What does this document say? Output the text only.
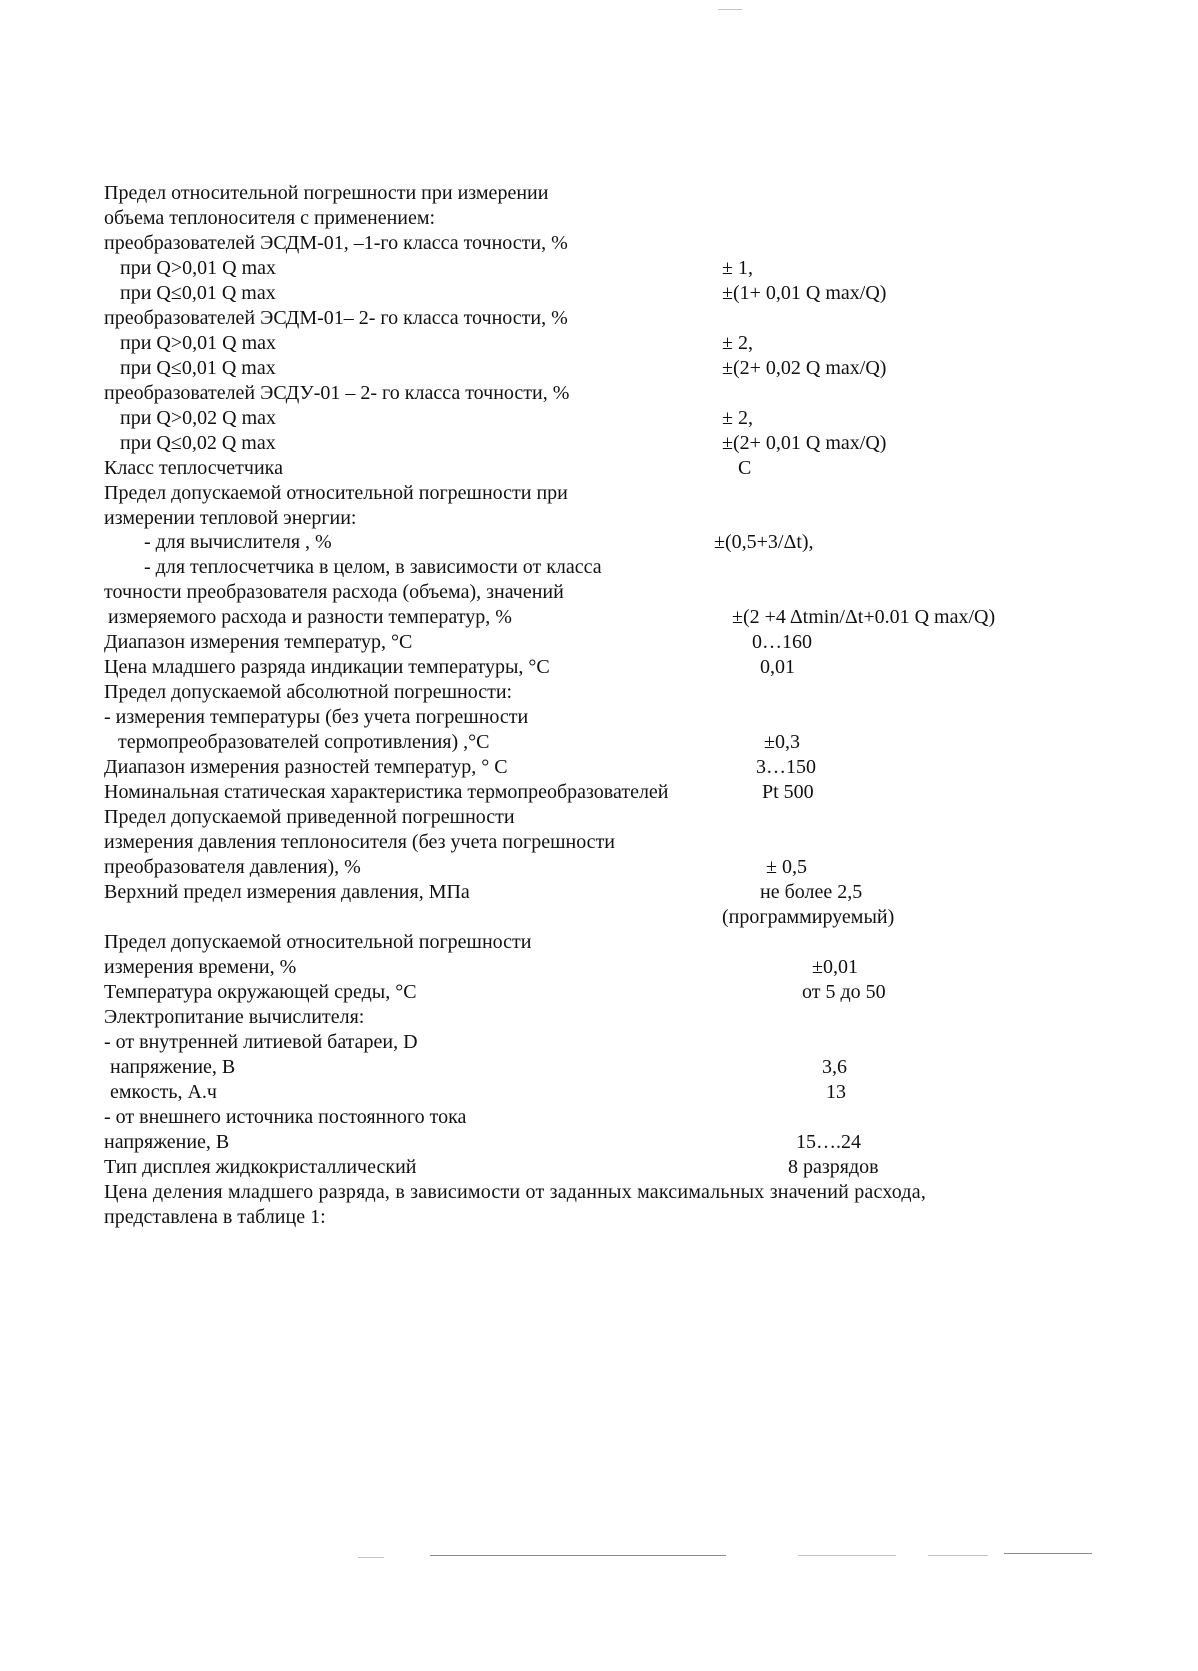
Предел относительной погрешности при измерении
объема теплоносителя с применением:
преобразователей ЭСДМ-01, –1-го класса точности, %
при Q>0,01 Q max	± 1,
при Q≤0,01 Q max	±(1+ 0,01 Q max/Q)
преобразователей ЭСДМ-01– 2- го класса точности, %
при Q>0,01 Q max	± 2,
при Q≤0,01 Q max	±(2+ 0,02 Q max/Q)
преобразователей ЭСДУ-01 – 2- го класса точности, %
при Q>0,02 Q max	± 2,
при Q≤0,02 Q max	±(2+ 0,01 Q max/Q)
Класс теплосчетчика	C
Предел допускаемой относительной погрешности при
измерении тепловой энергии:
- для вычислителя , %	±(0,5+3/Δt),
- для теплосчетчика в целом, в зависимости от класса
точности преобразователя расхода (объема), значений
измеряемого расхода и разности температур, %	±(2 +4 Δtmin/Δt+0.01 Q max/Q)
Диапазон измерения температур, °C	0…160
Цена младшего разряда индикации температуры, °C	0,01
Предел допускаемой абсолютной погрешности:
- измерения температуры (без учета погрешности
термопреобразователей сопротивления) ,°C	±0,3
Диапазон измерения разностей температур, ° C	3…150
Номинальная статическая характеристика термопреобразователей	Pt 500
Предел допускаемой приведенной погрешности
измерения давления теплоносителя (без учета погрешности
преобразователя давления), %	± 0,5
Верхний предел измерения давления, МПа	не более 2,5
(программируемый)
Предел допускаемой относительной погрешности
измерения времени, %	±0,01
Температура окружающей среды, °C	от 5 до 50
Электропитание вычислителя:
- от внутренней литиевой батареи, D
напряжение, В	3,6
емкость, А.ч	13
- от внешнего источника постоянного тока
напряжение, В	15….24
Тип дисплея жидкокристаллический	8 разрядов
Цена деления младшего разряда, в зависимости от заданных максимальных значений расхода,
представлена в таблице 1:
